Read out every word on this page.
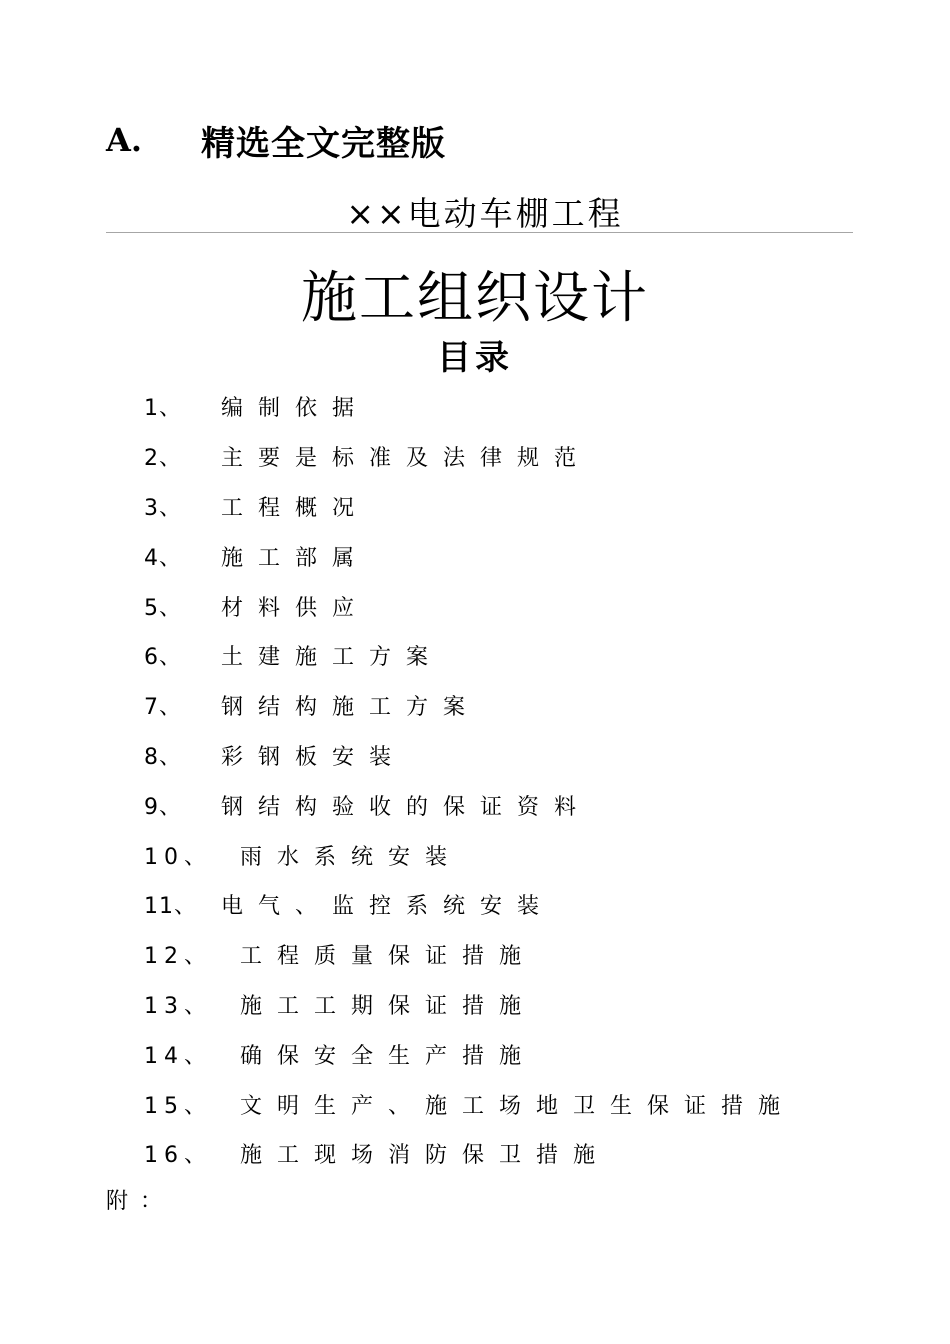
A.	精选全文完整版
××电动车棚工程
施工组织设计
目录
1、	编制依据
2、	主要是标准及法律规范
3、	工程概况
4、	施工部属
5、	材料供应
6、	土建施工方案
7、	钢结构施工方案
8、	彩钢板安装
9、	钢结构验收的保证资料
10、	雨水系统安装
11、	电气、监控系统安装
12、	工程质量保证措施
13、	施工工期保证措施
14、	确保安全生产措施
15、	文明生产、施工场地卫生保证措施
16、	施工现场消防保卫措施
附：
